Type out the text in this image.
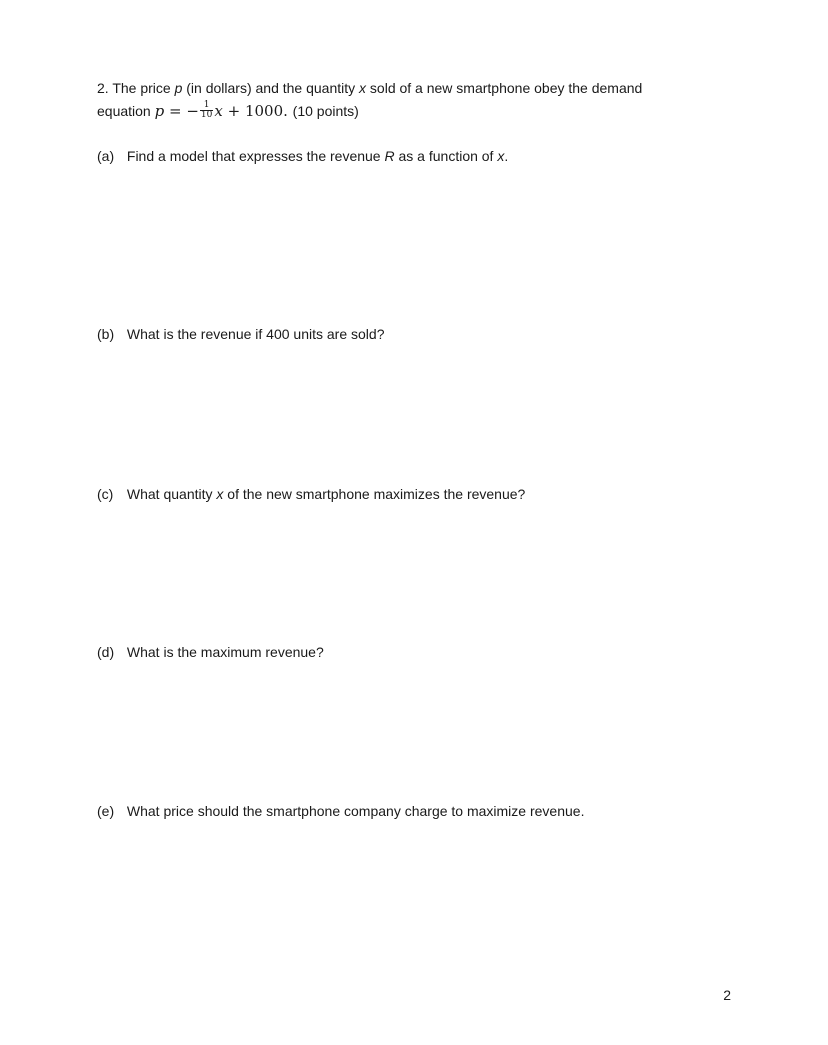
2. The price p (in dollars) and the quantity x sold of a new smartphone obey the demand
equation p = − $\frac{1}{10}$ x + 1000. (10 points)
(a) Find a model that expresses the revenue R as a function of x.
(b) What is the revenue if 400 units are sold?
(c) What quantity x of the new smartphone maximizes the revenue?
(d) What is the maximum revenue?
(e) What price should the smartphone company charge to maximize revenue.
2
